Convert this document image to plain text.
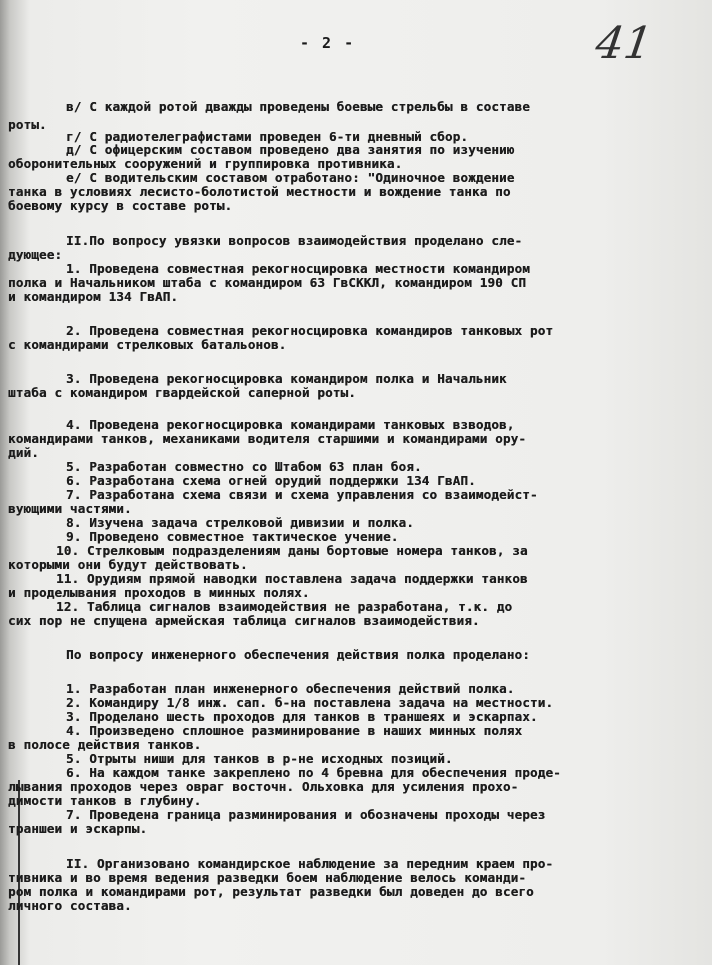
- 2 -	41
в/ С каждой ротой дважды проведены боевые стрельбы в составе
роты.
г/ С радиотелеграфистами проведен 6-ти дневный сбор.
д/ С офицерским составом проведено два занятия по изучению
оборонительных сооружений и группировка противника.
е/ С водительским составом отработано: "Одиночное вождение
танка в условиях лесисто-болотистой местности и вождение танка по
боевому курсу в составе роты.
II.По вопросу увязки вопросов взаимодействия проделано сле-
дующее:
1. Проведена совместная рекогносцировка местности командиром
полка и Начальником штаба с командиром 63 ГвСККЛ, командиром 190 СП
и командиром 134 ГвАП.
2. Проведена совместная рекогносцировка командиров танковых рот
с командирами стрелковых батальонов.
3. Проведена рекогносцировка командиром полка и Начальник
штаба с командиром гвардейской саперной роты.
4. Проведена рекогносцировка командирами танковых взводов,
командирами танков, механиками водителя старшими и командирами ору-
дий.
5. Разработан совместно со Штабом 63 план боя.
6. Разработана схема огней орудий поддержки 134 ГвАП.
7. Разработана схема связи и схема управления со взаимодейст-
вующими частями.
8. Изучена задача стрелковой дивизии и полка.
9. Проведено совместное тактическое учение.
10. Стрелковым подразделениям даны бортовые номера танков, за
которыми они будут действовать.
11. Орудиям прямой наводки поставлена задача поддержки танков
и проделывания проходов в минных полях.
12. Таблица сигналов взаимодействия не разработана, т.к. до
сих пор не спущена армейская таблица сигналов взаимодействия.
По вопросу инженерного обеспечения действия полка проделано:
1. Разработан план инженерного обеспечения действий полка.
2. Командиру 1/8 инж. сап. б-на поставлена задача на местности.
3. Проделано шесть проходов для танков в траншеях и эскарпах.
4. Произведено сплошное разминирование в наших минных полях
в полосе действия танков.
5. Отрыты ниши для танков в р-не исходных позиций.
6. На каждом танке закреплено по 4 бревна для обеспечения проде-
лывания проходов через овраг восточн. Ольховка для усиления прохо-
димости танков в глубину.
7. Проведена граница разминирования и обозначены проходы через
траншеи и эскарпы.
II. Организовано командирское наблюдение за передним краем про-
тивника и во время ведения разведки боем наблюдение велось команди-
ром полка и командирами рот, результат разведки был доведен до всего
личного состава.
